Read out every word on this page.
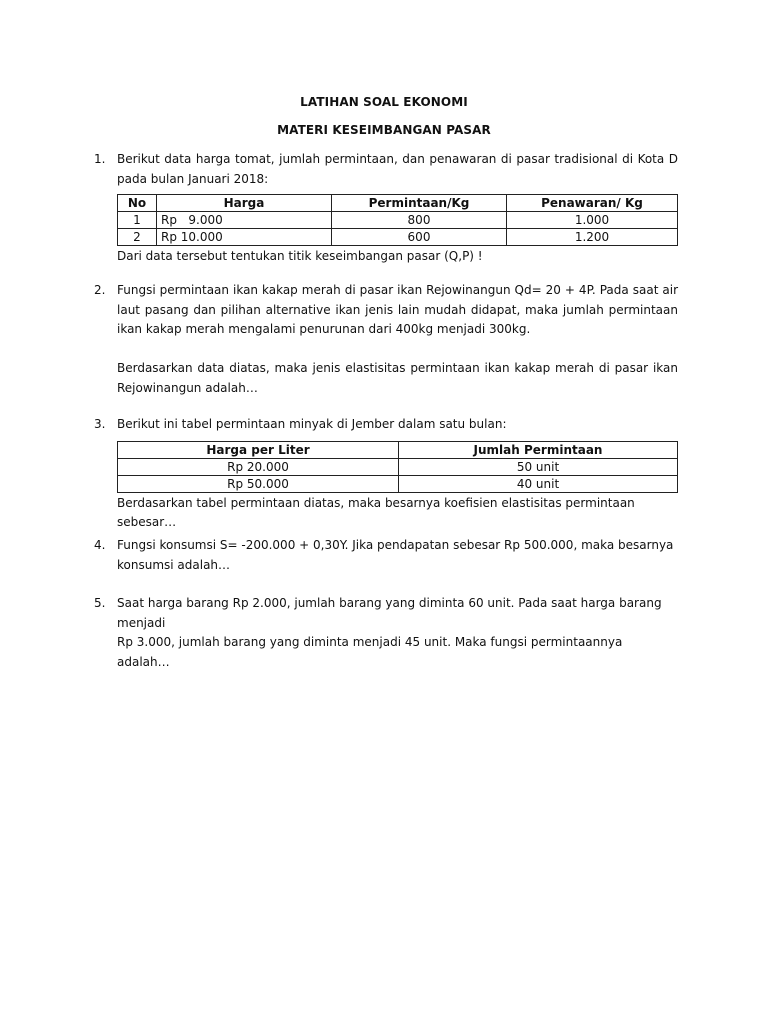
LATIHAN SOAL EKONOMI
MATERI KESEIMBANGAN PASAR
1. Berikut data harga tomat, jumlah permintaan, dan penawaran di pasar tradisional di Kota D pada bulan Januari 2018:

No	Harga	Permintaan/Kg	Penawaran/ Kg
1	Rp   9.000	800	1.000
2	Rp 10.000	600	1.200

Dari data tersebut tentukan titik keseimbangan pasar (Q,P) !

2. Fungsi permintaan ikan kakap merah di pasar ikan Rejowinangun Qd= 20 + 4P. Pada saat air laut pasang dan pilihan alternative ikan jenis lain mudah didapat, maka jumlah permintaan ikan kakap merah mengalami penurunan dari 400kg menjadi 300kg.

Berdasarkan data diatas, maka jenis elastisitas permintaan ikan kakap merah di pasar ikan Rejowinangun adalah…

3. Berikut ini tabel permintaan minyak di Jember dalam satu bulan:

Harga per Liter	Jumlah Permintaan
Rp 20.000	50 unit
Rp 50.000	40 unit

Berdasarkan tabel permintaan diatas, maka besarnya koefisien elastisitas permintaan sebesar…

4. Fungsi konsumsi S= -200.000 + 0,30Y. Jika pendapatan sebesar Rp 500.000, maka besarnya konsumsi adalah…

5. Saat harga barang Rp 2.000, jumlah barang yang diminta 60 unit. Pada saat harga barang menjadi

Rp 3.000, jumlah barang yang diminta menjadi 45 unit. Maka fungsi permintaannya adalah…
